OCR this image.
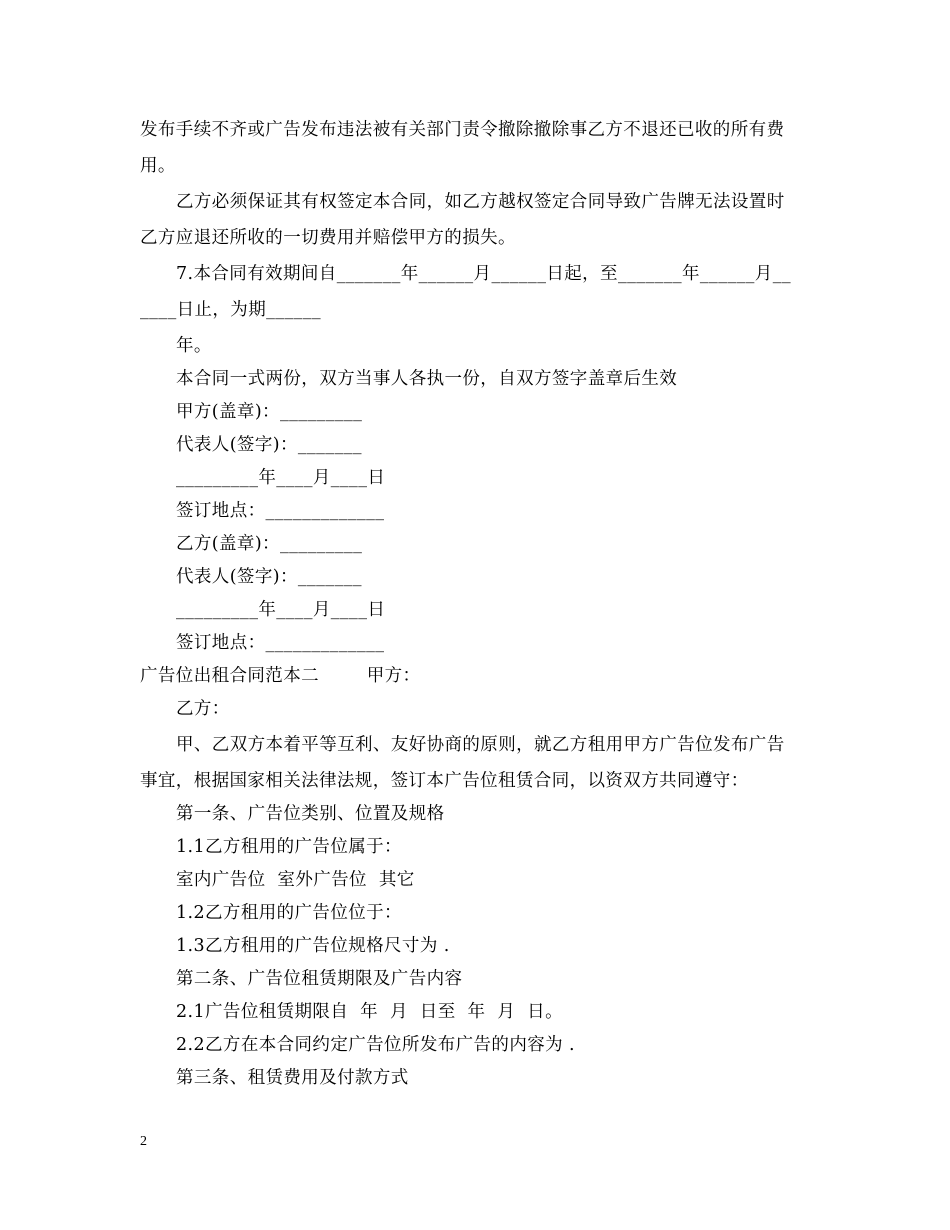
发布手续不齐或广告发布违法被有关部门责令撤除撤除事乙方不退还已收的所有费
用。
乙方必须保证其有权签定本合同，如乙方越权签定合同导致广告牌无法设置时
乙方应退还所收的一切费用并赔偿甲方的损失。
7.本合同有效期间自_______年______月______日起，至_______年______月__
____日止，为期______
年。
本合同一式两份，双方当事人各执一份，自双方签字盖章后生效
甲方(盖章)：_________
代表人(签字)：_______
_________年____月____日
签订地点：_____________
乙方(盖章)：_________
代表人(签字)：_______
_________年____月____日
签订地点：_____________
广告位出租合同范本二        甲方：
乙方：
甲、乙双方本着平等互利、友好协商的原则，就乙方租用甲方广告位发布广告
事宜，根据国家相关法律法规，签订本广告位租赁合同，以资双方共同遵守：
第一条、广告位类别、位置及规格
1.1乙方租用的广告位属于：
室内广告位  室外广告位  其它
1.2乙方租用的广告位位于：
1.3乙方租用的广告位规格尺寸为 .
第二条、广告位租赁期限及广告内容
2.1广告位租赁期限自  年  月  日至  年  月  日。
2.2乙方在本合同约定广告位所发布广告的内容为 .
第三条、租赁费用及付款方式
2
